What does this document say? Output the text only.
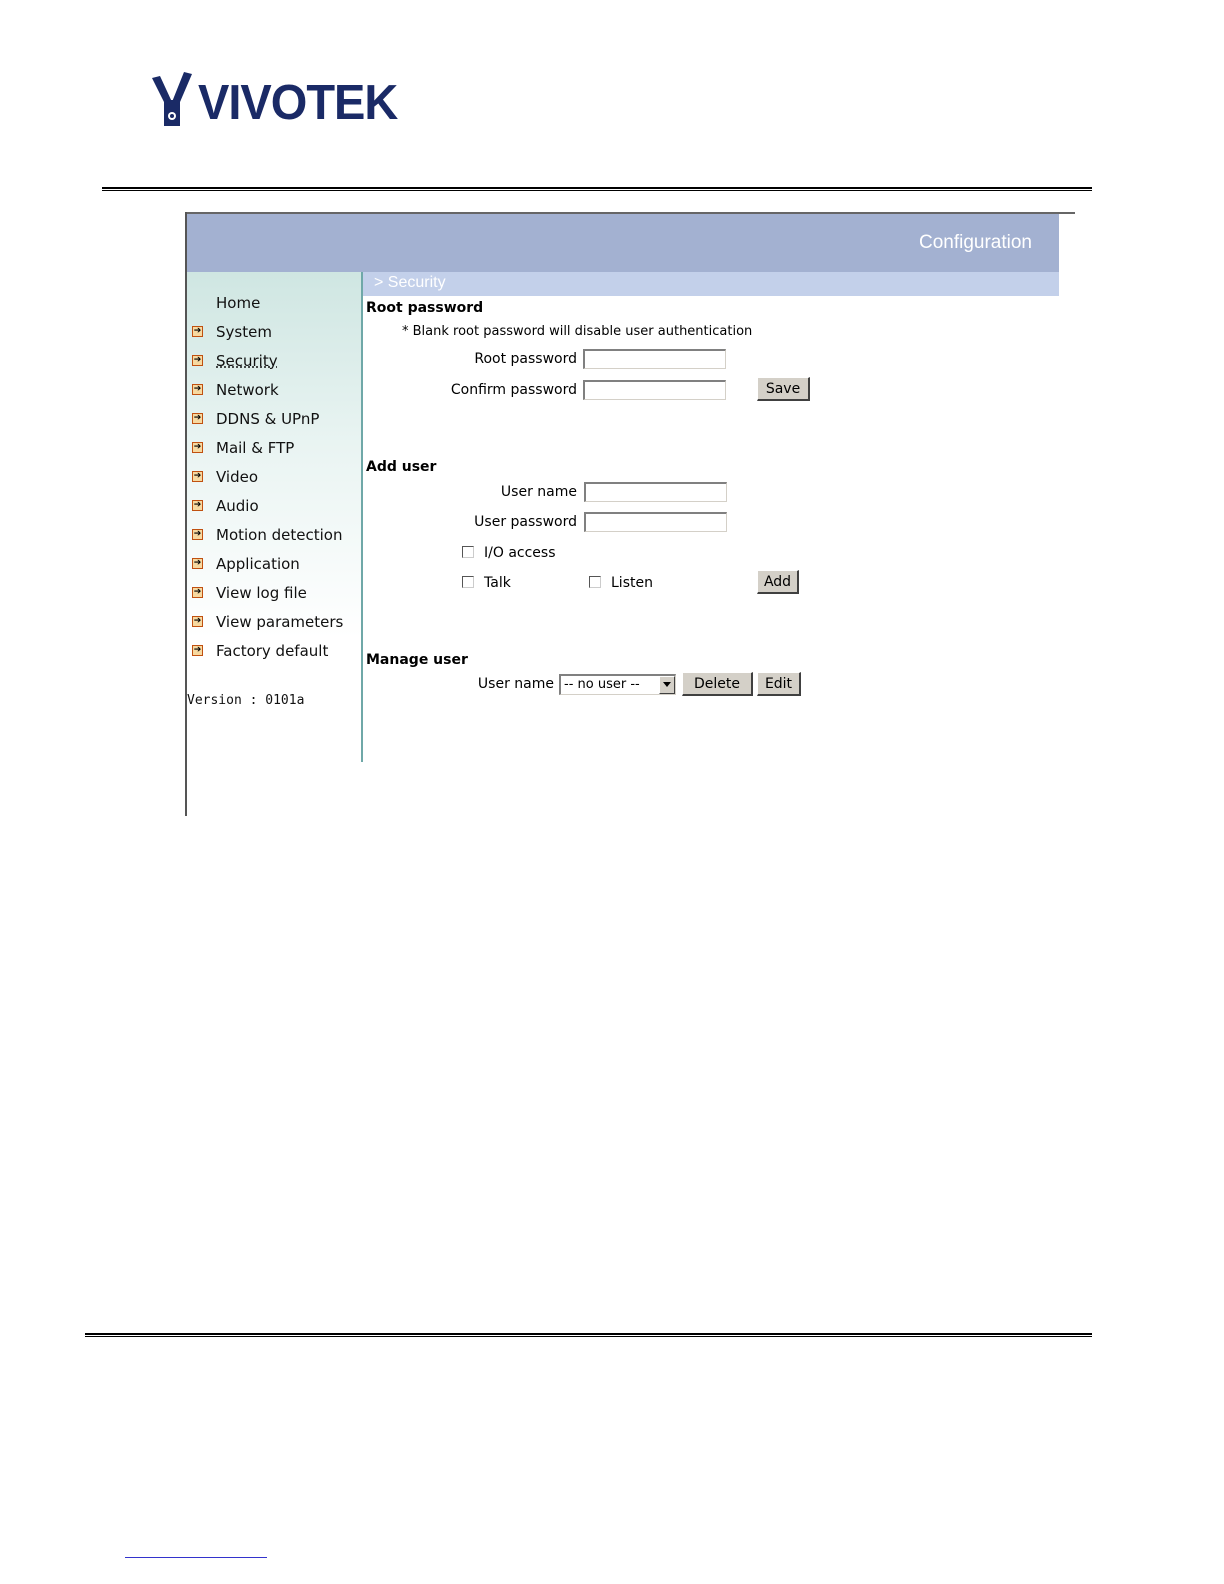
VIVOTEK
Configuration
Home
➔ System
➔ Security
➔ Network
➔ DDNS & UPnP
➔ Mail & FTP
➔ Video
➔ Audio
➔ Motion detection
➔ Application
➔ View log file
➔ View parameters
➔ Factory default
Version : 0101a
> Security
Root password
* Blank root password will disable user authentication
Root password
Confirm password	Save
Add user
User name
User password
I/O access
Talk	Listen	Add
Manage user
User name -- no user --	Delete	Edit
